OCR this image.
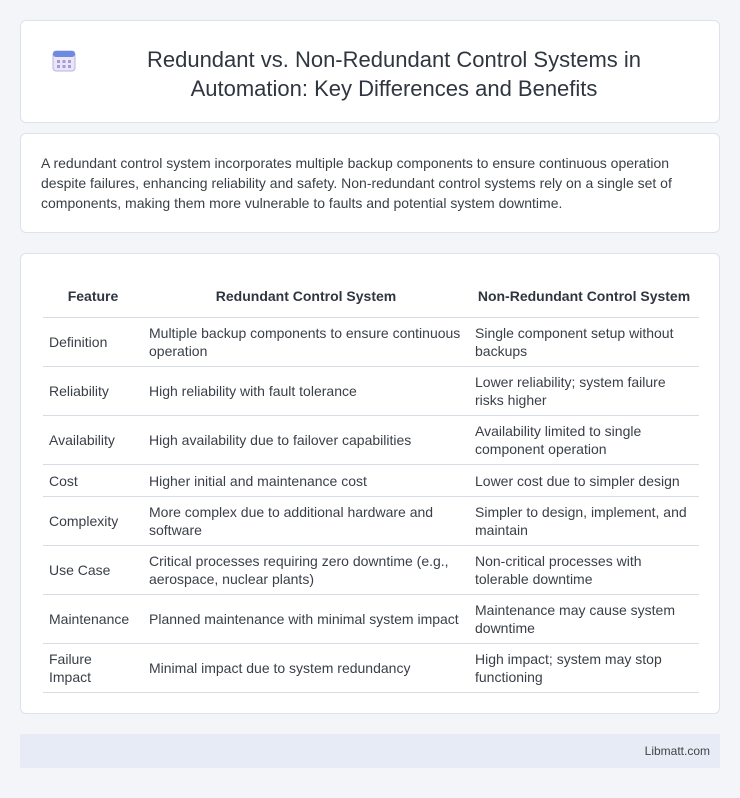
Redundant vs. Non-Redundant Control Systems in Automation: Key Differences and Benefits

A redundant control system incorporates multiple backup components to ensure continuous operation despite failures, enhancing reliability and safety. Non-redundant control systems rely on a single set of components, making them more vulnerable to faults and potential system downtime.

Feature	Redundant Control System	Non-Redundant Control System
Definition	Multiple backup components to ensure continuous operation	Single component setup without backups
Reliability	High reliability with fault tolerance	Lower reliability; system failure risks higher
Availability	High availability due to failover capabilities	Availability limited to single component operation
Cost	Higher initial and maintenance cost	Lower cost due to simpler design
Complexity	More complex due to additional hardware and software	Simpler to design, implement, and maintain
Use Case	Critical processes requiring zero downtime (e.g., aerospace, nuclear plants)	Non-critical processes with tolerable downtime
Maintenance	Planned maintenance with minimal system impact	Maintenance may cause system downtime
Failure Impact	Minimal impact due to system redundancy	High impact; system may stop functioning
Libmatt.com
